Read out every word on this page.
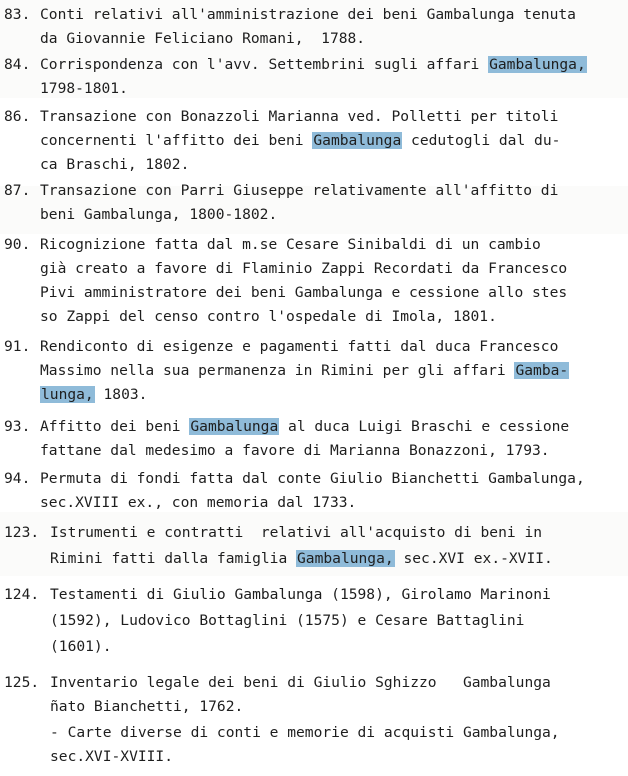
83. Conti relativi all'amministrazione dei beni Gambalunga tenuta
da Giovannie Feliciano Romani,  1788.
84. Corrispondenza con l'avv. Settembrini sugli affari Gambalunga,
1798-1801.
86. Transazione con Bonazzoli Marianna ved. Polletti per titoli
concernenti l'affitto dei beni Gambalunga cedutogli dal du-
ca Braschi, 1802.
87. Transazione con Parri Giuseppe relativamente all'affitto di
beni Gambalunga, 1800-1802.
90. Ricognizione fatta dal m.se Cesare Sinibaldi di un cambio
già creato a favore di Flaminio Zappi Recordati da Francesco
Pivi amministratore dei beni Gambalunga e cessione allo stes
so Zappi del censo contro l'ospedale di Imola, 1801.
91. Rendiconto di esigenze e pagamenti fatti dal duca Francesco
Massimo nella sua permanenza in Rimini per gli affari Gamba-
lunga, 1803.
93. Affitto dei beni Gambalunga al duca Luigi Braschi e cessione
fattane dal medesimo a favore di Marianna Bonazzoni, 1793.
94. Permuta di fondi fatta dal conte Giulio Bianchetti Gambalunga,
sec.XVIII ex., con memoria dal 1733.
123. Istrumenti e contratti  relativi all'acquisto di beni in
Rimini fatti dalla famiglia Gambalunga, sec.XVI ex.-XVII.
124. Testamenti di Giulio Gambalunga (1598), Girolamo Marinoni
(1592), Ludovico Bottaglini (1575) e Cesare Battaglini
(1601).
125. Inventario legale dei beni di Giulio Sghizzo   Gambalunga
ñato Bianchetti, 1762.
- Carte diverse di conti e memorie di acquisti Gambalunga,
sec.XVI-XVIII.
